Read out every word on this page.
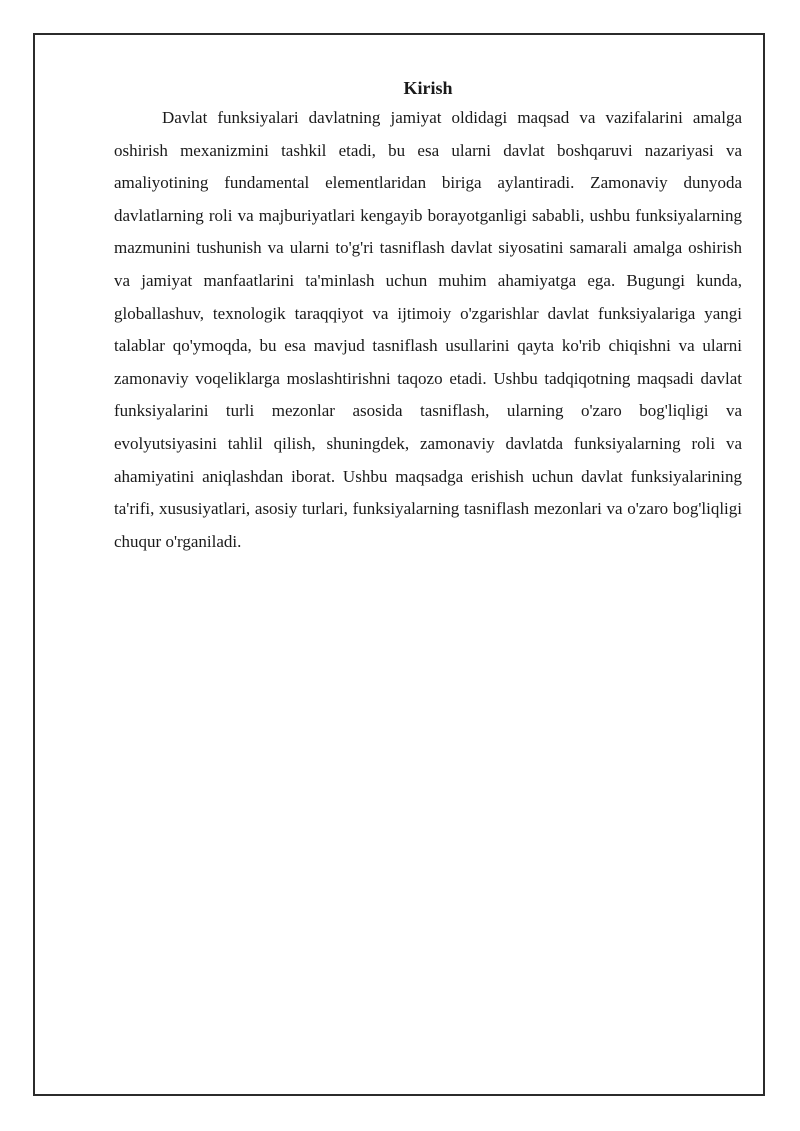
Kirish

Davlat funksiyalari davlatning jamiyat oldidagi maqsad va vazifalarini amalga oshirish mexanizmini tashkil etadi, bu esa ularni davlat boshqaruvi nazariyasi va amaliyotining fundamental elementlaridan biriga aylantiradi. Zamonaviy dunyoda davlatlarning roli va majburiyatlari kengayib borayotganligi sababli, ushbu funksiyalarning mazmunini tushunish va ularni to'g'ri tasniflash davlat siyosatini samarali amalga oshirish va jamiyat manfaatlarini ta'minlash uchun muhim ahamiyatga ega. Bugungi kunda, globallashuv, texnologik taraqqiyot va ijtimoiy o'zgarishlar davlat funksiyalariga yangi talablar qo'ymoqda, bu esa mavjud tasniflash usullarini qayta ko'rib chiqishni va ularni zamonaviy voqeliklarga moslashtirishni taqozo etadi. Ushbu tadqiqotning maqsadi davlat funksiyalarini turli mezonlar asosida tasniflash, ularning o'zaro bog'liqligi va evolyutsiyasini tahlil qilish, shuningdek, zamonaviy davlatda funksiyalarning roli va ahamiyatini aniqlashdan iborat. Ushbu maqsadga erishish uchun davlat funksiyalarining ta'rifi, xususiyatlari, asosiy turlari, funksiyalarning tasniflash mezonlari va o'zaro bog'liqligi chuqur o'rganiladi.
